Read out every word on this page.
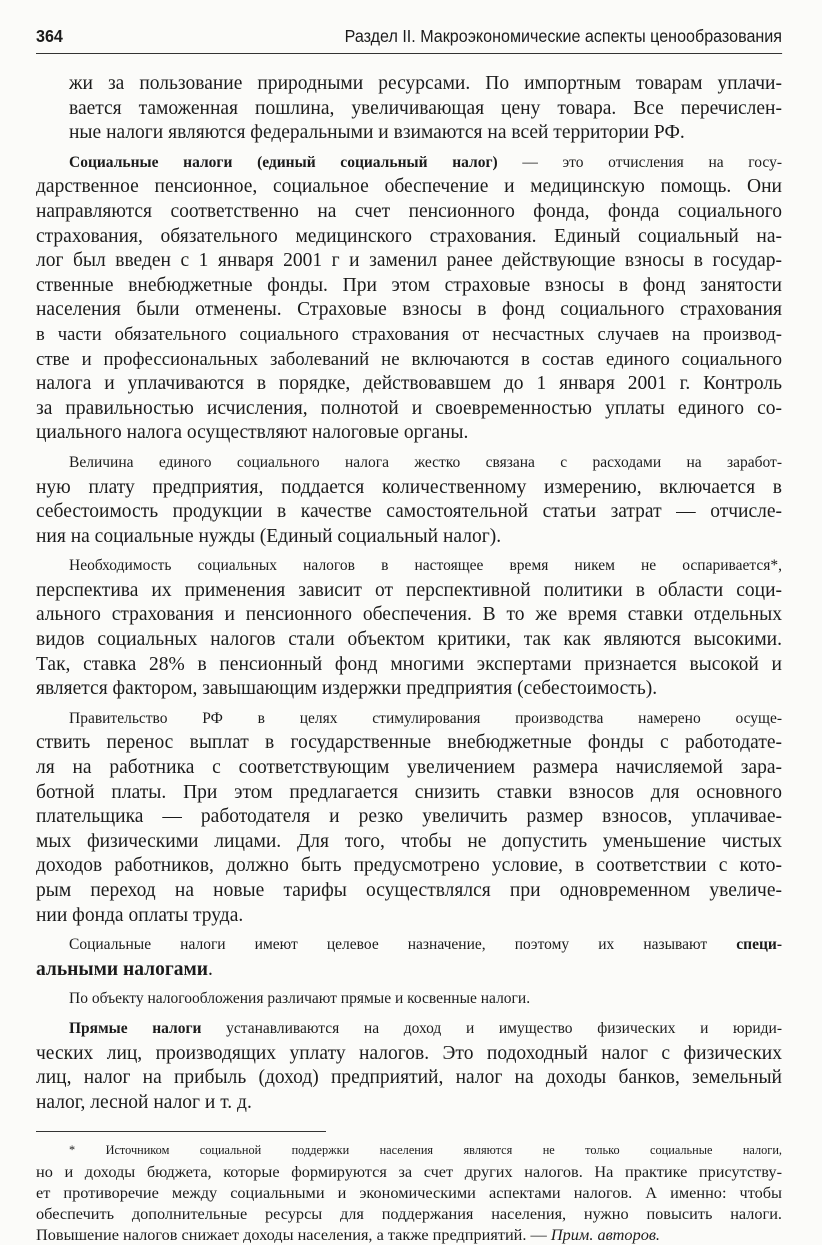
364	Раздел II. Макроэкономические аспекты ценообразования
жи за пользование природными ресурсами. По импортным товарам уплачи-
вается таможенная пошлина, увеличивающая цену товара. Все перечислен-
ные налоги являются федеральными и взимаются на всей территории РФ.
Социальные налоги (единый социальный налог) — это отчисления на госу-
дарственное пенсионное, социальное обеспечение и медицинскую помощь. Они
направляются соответственно на счет пенсионного фонда, фонда социального
страхования, обязательного медицинского страхования. Единый социальный на-
лог был введен с 1 января 2001 г и заменил ранее действующие взносы в государ-
ственные внебюджетные фонды. При этом страховые взносы в фонд занятости
населения были отменены. Страховые взносы в фонд социального страхования
в части обязательного социального страхования от несчастных случаев на производ-
стве и профессиональных заболеваний не включаются в состав единого социального
налога и уплачиваются в порядке, действовавшем до 1 января 2001 г. Контроль
за правильностью исчисления, полнотой и своевременностью уплаты единого со-
циального налога осуществляют налоговые органы.
Величина единого социального налога жестко связана с расходами на заработ-
ную плату предприятия, поддается количественному измерению, включается в
себестоимость продукции в качестве самостоятельной статьи затрат — отчисле-
ния на социальные нужды (Единый социальный налог).
Необходимость социальных налогов в настоящее время никем не оспаривается*,
перспектива их применения зависит от перспективной политики в области соци-
ального страхования и пенсионного обеспечения. В то же время ставки отдельных
видов социальных налогов стали объектом критики, так как являются высокими.
Так, ставка 28% в пенсионный фонд многими экспертами признается высокой и
является фактором, завышающим издержки предприятия (себестоимость).
Правительство РФ в целях стимулирования производства намерено осуще-
ствить перенос выплат в государственные внебюджетные фонды с работодате-
ля на работника с соответствующим увеличением размера начисляемой зара-
ботной платы. При этом предлагается снизить ставки взносов для основного
плательщика — работодателя и резко увеличить размер взносов, уплачивае-
мых физическими лицами. Для того, чтобы не допустить уменьшение чистых
доходов работников, должно быть предусмотрено условие, в соответствии с кото-
рым переход на новые тарифы осуществлялся при одновременном увеличе-
нии фонда оплаты труда.
Социальные налоги имеют целевое назначение, поэтому их называют специ-
альными налогами.
По объекту налогообложения различают прямые и косвенные налоги.
Прямые налоги устанавливаются на доход и имущество физических и юриди-
ческих лиц, производящих уплату налогов. Это подоходный налог с физических
лиц, налог на прибыль (доход) предприятий, налог на доходы банков, земельный
налог, лесной налог и т. д.
* Источником социальной поддержки населения являются не только социальные налоги,
но и доходы бюджета, которые формируются за счет других налогов. На практике присутству-
ет противоречие между социальными и экономическими аспектами налогов. А именно: чтобы
обеспечить дополнительные ресурсы для поддержания населения, нужно повысить налоги.
Повышение налогов снижает доходы населения, а также предприятий. — Прим. авторов.
